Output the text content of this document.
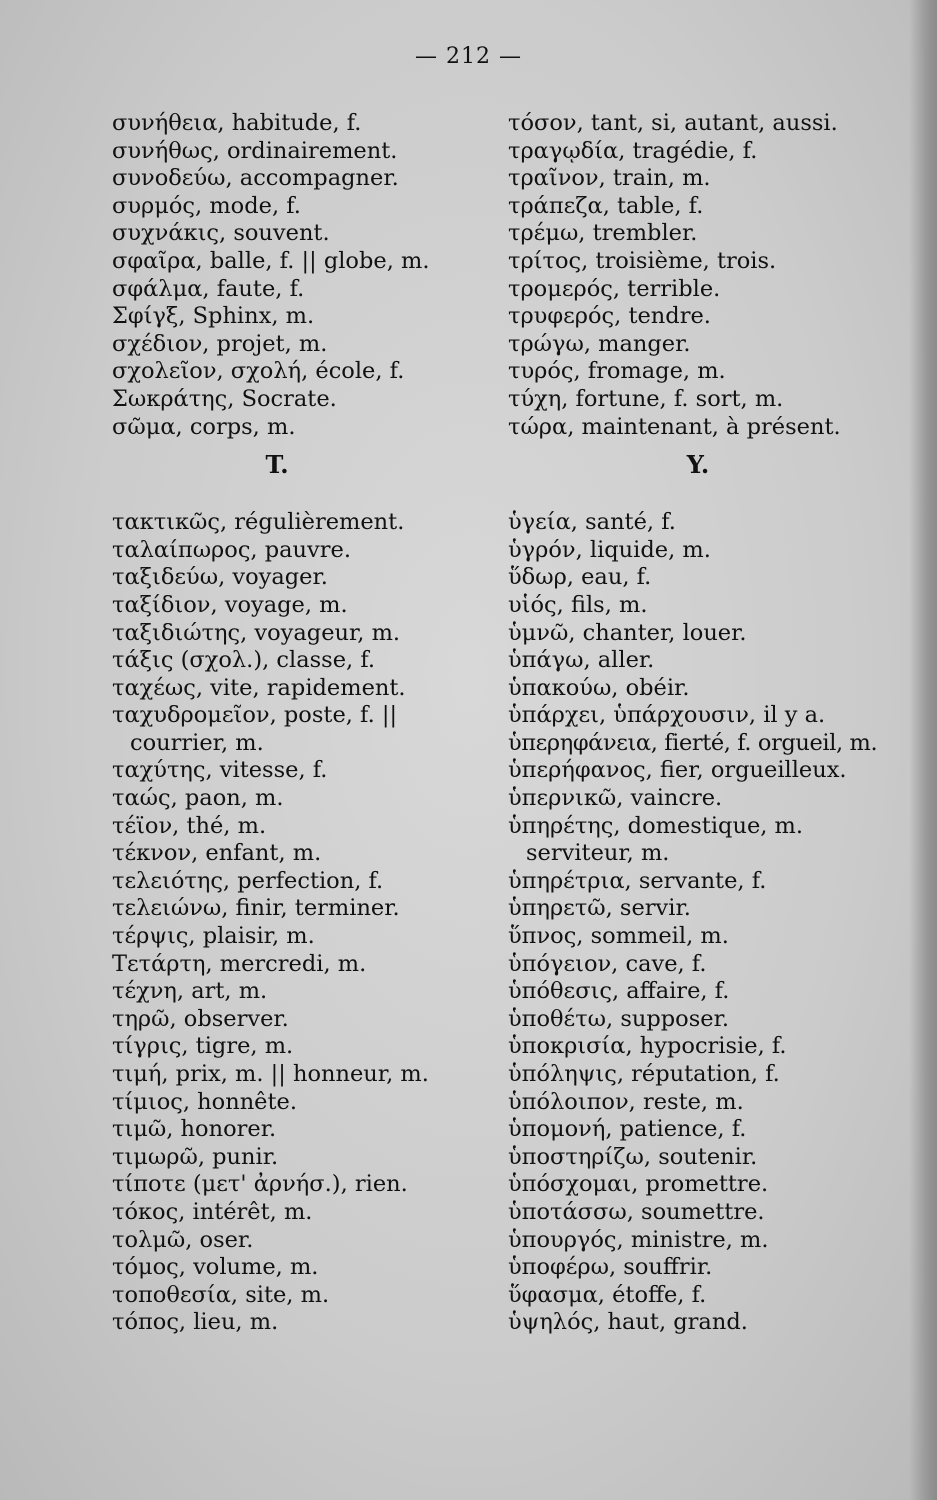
— 212 —
συνήθεια, habitude, f.
συνήθως, ordinairement.
συνοδεύω, accompagner.
συρμός, mode, f.
συχνάκις, souvent.
σφαῖρα, balle, f. || globe, m.
σφάλμα, faute, f.
Σφίγξ, Sphinx, m.
σχέδιον, projet, m.
σχολεῖον, σχολή, école, f.
Σωκράτης, Socrate.
σῶμα, corps, m.
T.
τακτικῶς, régulièrement.
ταλαίπωρος, pauvre.
ταξιδεύω, voyager.
ταξίδιον, voyage, m.
ταξιδιώτης, voyageur, m.
τάξις (σχολ.), classe, f.
ταχέως, vite, rapidement.
ταχυδρομεῖον, poste, f. || courrier, m.
ταχύτης, vitesse, f.
ταώς, paon, m.
τέϊον, thé, m.
τέκνον, enfant, m.
τελειότης, perfection, f.
τελειώνω, finir, terminer.
τέρψις, plaisir, m.
Τετάρτη, mercredi, m.
τέχνη, art, m.
τηρῶ, observer.
τίγρις, tigre, m.
τιμή, prix, m. || honneur, m.
τίμιος, honnête.
τιμῶ, honorer.
τιμωρῶ, punir.
τίποτε (μετ' ἀρνήσ.), rien.
τόκος, intérêt, m.
τολμῶ, oser.
τόμος, volume, m.
τοποθεσία, site, m.
τόπος, lieu, m.
τόσον, tant, si, autant, aussi.
τραγῳδία, tragédie, f.
τραῖνον, train, m.
τράπεζα, table, f.
τρέμω, trembler.
τρίτος, troisième, trois.
τρομερός, terrible.
τρυφερός, tendre.
τρώγω, manger.
τυρός, fromage, m.
τύχη, fortune, f. sort, m.
τώρα, maintenant, à présent.
Y.
ὑγεία, santé, f.
ὑγρόν, liquide, m.
ὕδωρ, eau, f.
υἱός, fils, m.
ὑμνῶ, chanter, louer.
ὑπάγω, aller.
ὑπακούω, obéir.
ὑπάρχει, ὑπάρχουσιν, il y a.
ὑπερηφάνεια, fierté, f. orgueil, m.
ὑπερήφανος, fier, orgueilleux.
ὑπερνικῶ, vaincre.
ὑπηρέτης, domestique, m. serviteur, m.
ὑπηρέτρια, servante, f.
ὑπηρετῶ, servir.
ὕπνος, sommeil, m.
ὑπόγειον, cave, f.
ὑπόθεσις, affaire, f.
ὑποθέτω, supposer.
ὑποκρισία, hypocrisie, f.
ὑπόληψις, réputation, f.
ὑπόλοιπον, reste, m.
ὑπομονή, patience, f.
ὑποστηρίζω, soutenir.
ὑπόσχομαι, promettre.
ὑποτάσσω, soumettre.
ὑπουργός, ministre, m.
ὑποφέρω, souffrir.
ὕφασμα, étoffe, f.
ὑψηλός, haut, grand.
